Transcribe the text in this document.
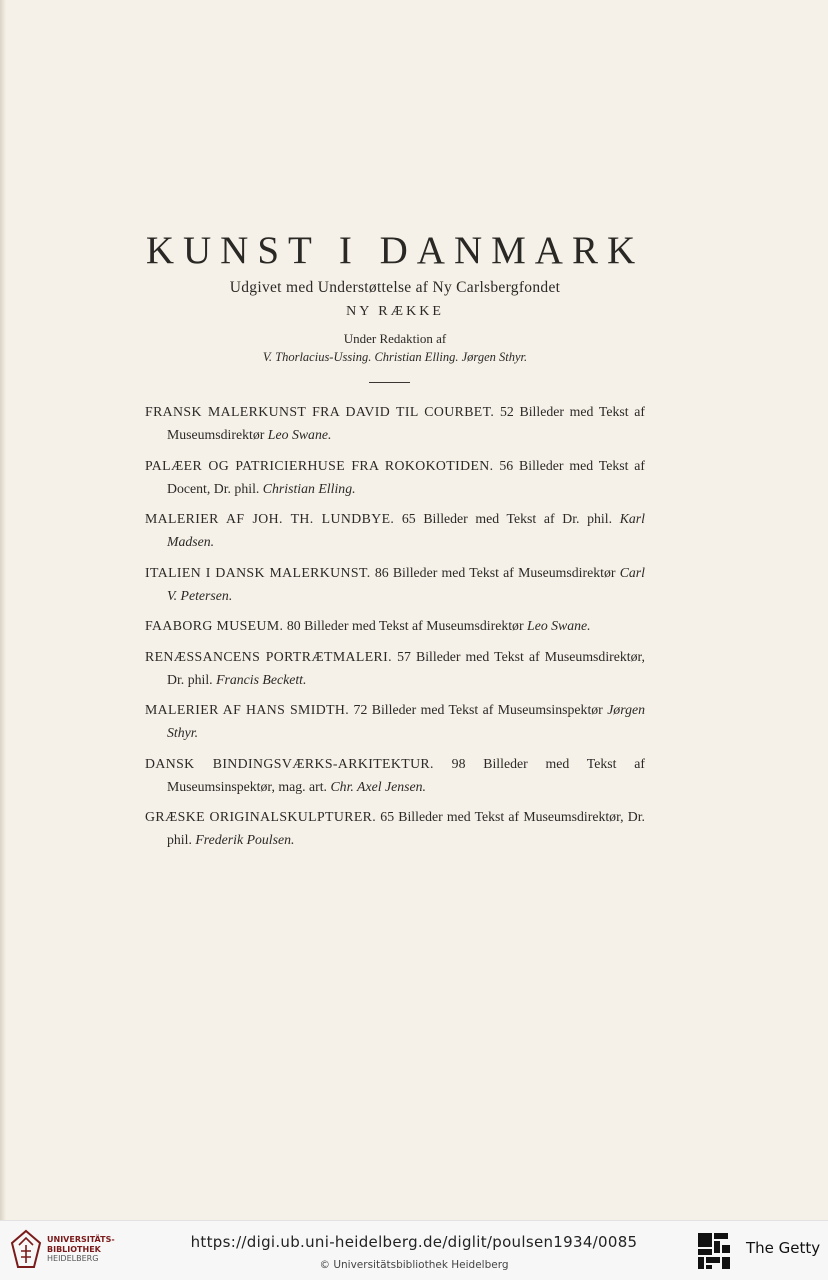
KUNST I DANMARK
Udgivet med Understøttelse af Ny Carlsbergfondet
NY RÆKKE
Under Redaktion af
V. Thorlacius-Ussing. Christian Elling. Jørgen Sthyr.

FRANSK MALERKUNST FRA DAVID TIL COURBET. 52 Billeder med Tekst af Museumsdirektør Leo Swane.

PALÆER OG PATRICIERHUSE FRA ROKOKOTIDEN. 56 Billeder med Tekst af Docent, Dr. phil. Christian Elling.

MALERIER AF JOH. TH. LUNDBYE. 65 Billeder med Tekst af Dr. phil. Karl Madsen.

ITALIEN I DANSK MALERKUNST. 86 Billeder med Tekst af Museumsdirektør Carl V. Petersen.

FAABORG MUSEUM. 80 Billeder med Tekst af Museumsdirektør Leo Swane.

RENÆSSANCENS PORTRÆTMALERI. 57 Billeder med Tekst af Museumsdirektør, Dr. phil. Francis Beckett.

MALERIER AF HANS SMIDTH. 72 Billeder med Tekst af Museumsinspektør Jørgen Sthyr.

DANSK BINDINGSVÆRKS-ARKITEKTUR. 98 Billeder med Tekst af Museumsinspektør, mag. art. Chr. Axel Jensen.

GRÆSKE ORIGINALSKULPTURER. 65 Billeder med Tekst af Museumsdirektør, Dr. phil. Frederik Poulsen.

UNIVERSITÄTS-
BIBLIOTHEK
HEIDELBERG
https://digi.ub.uni-heidelberg.de/diglit/poulsen1934/0085
© Universitätsbibliothek Heidelberg
The Getty
